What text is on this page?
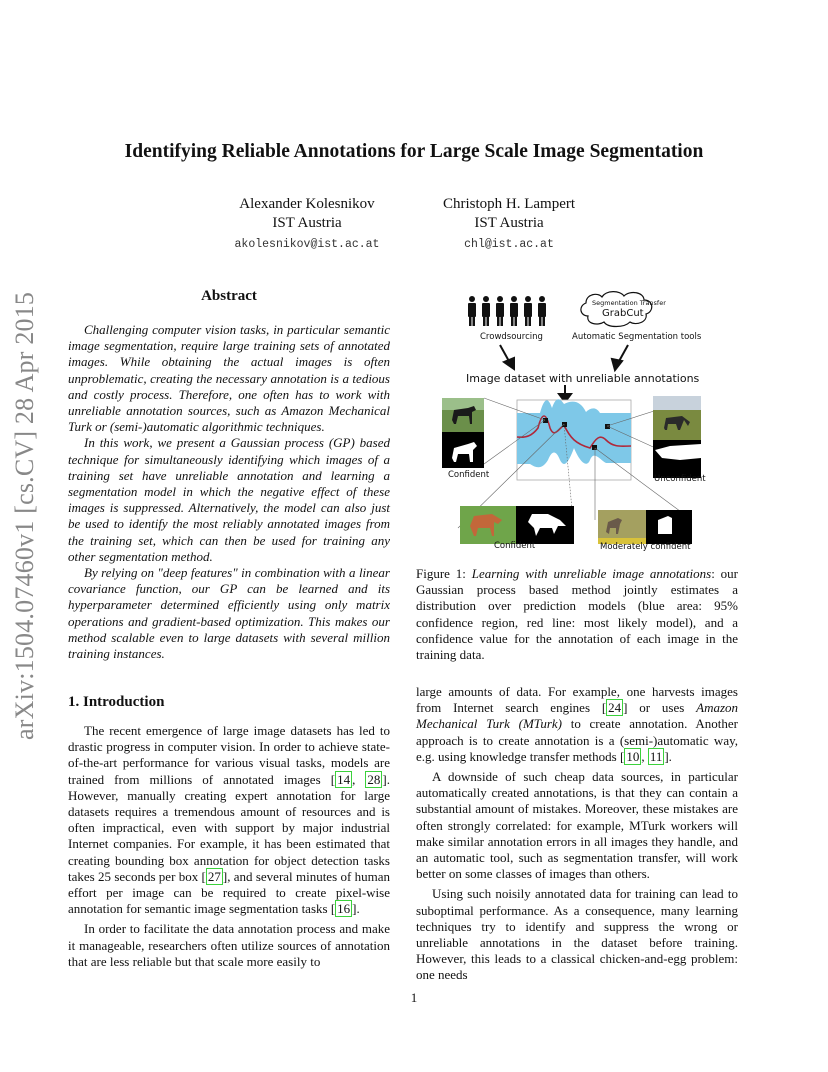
arXiv:1504.07460v1 [cs.CV] 28 Apr 2015
Identifying Reliable Annotations for Large Scale Image Segmentation
Alexander Kolesnikov
IST Austria
akolesnikov@ist.ac.at
Christoph H. Lampert
IST Austria
chl@ist.ac.at
Abstract

Challenging computer vision tasks, in particular semantic image segmentation, require large training sets of annotated images. While obtaining the actual images is often unproblematic, creating the necessary annotation is a tedious and costly process. Therefore, one often has to work with unreliable annotation sources, such as Amazon Mechanical Turk or (semi-)automatic algorithmic techniques.

In this work, we present a Gaussian process (GP) based technique for simultaneously identifying which images of a training set have unreliable annotation and learning a segmentation model in which the negative effect of these images is suppressed. Alternatively, the model can also just be used to identify the most reliably annotated images from the training set, which can then be used for training any other segmentation method.

By relying on "deep features" in combination with a linear covariance function, our GP can be learned and its hyperparameter determined efficiently using only matrix operations and gradient-based optimization. This makes our method scalable even to large datasets with several million training instances.

1. Introduction

The recent emergence of large image datasets has led to drastic progress in computer vision. In order to achieve state-of-the-art performance for various visual tasks, models are trained from millions of annotated images [ 14 , 28 ]. However, manually creating expert annotation for large datasets requires a tremendous amount of resources and is often impractical, even with support by major industrial Internet companies. For example, it has been estimated that creating bounding box annotation for object detection tasks takes 25 seconds per box [ 27 ], and several minutes of human effort per image can be required to create pixel-wise annotation for semantic image segmentation tasks [ 16 ].

In order to facilitate the data annotation process and make it manageable, researchers often utilize sources of annotation that are less reliable but that scale more easily to

Crowdsourcing
Segmentation Transfer
GrabCut
Automatic Segmentation tools
Image dataset with unreliable annotations
Confident	Unconfident
Confident	Moderately confident
Figure 1: Learning with unreliable image annotations: our Gaussian process based method jointly estimates a distribution over prediction models (blue area: 95% confidence region, red line: most likely model), and a confidence value for the annotation of each image in the training data.

large amounts of data. For example, one harvests images from Internet search engines [ 24 ] or uses Amazon Mechanical Turk (MTurk) to create annotation. Another approach is to create annotation is a (semi-)automatic way, e.g. using knowledge transfer methods [ 10 , 11 ].

A downside of such cheap data sources, in particular automatically created annotations, is that they can contain a substantial amount of mistakes. Moreover, these mistakes are often strongly correlated: for example, MTurk workers will make similar annotation errors in all images they handle, and an automatic tool, such as segmentation transfer, will work better on some classes of images than others.

Using such noisily annotated data for training can lead to suboptimal performance. As a consequence, many learning techniques try to identify and suppress the wrong or unreliable annotations in the dataset before training. However, this leads to a classical chicken-and-egg problem: one needs

1
